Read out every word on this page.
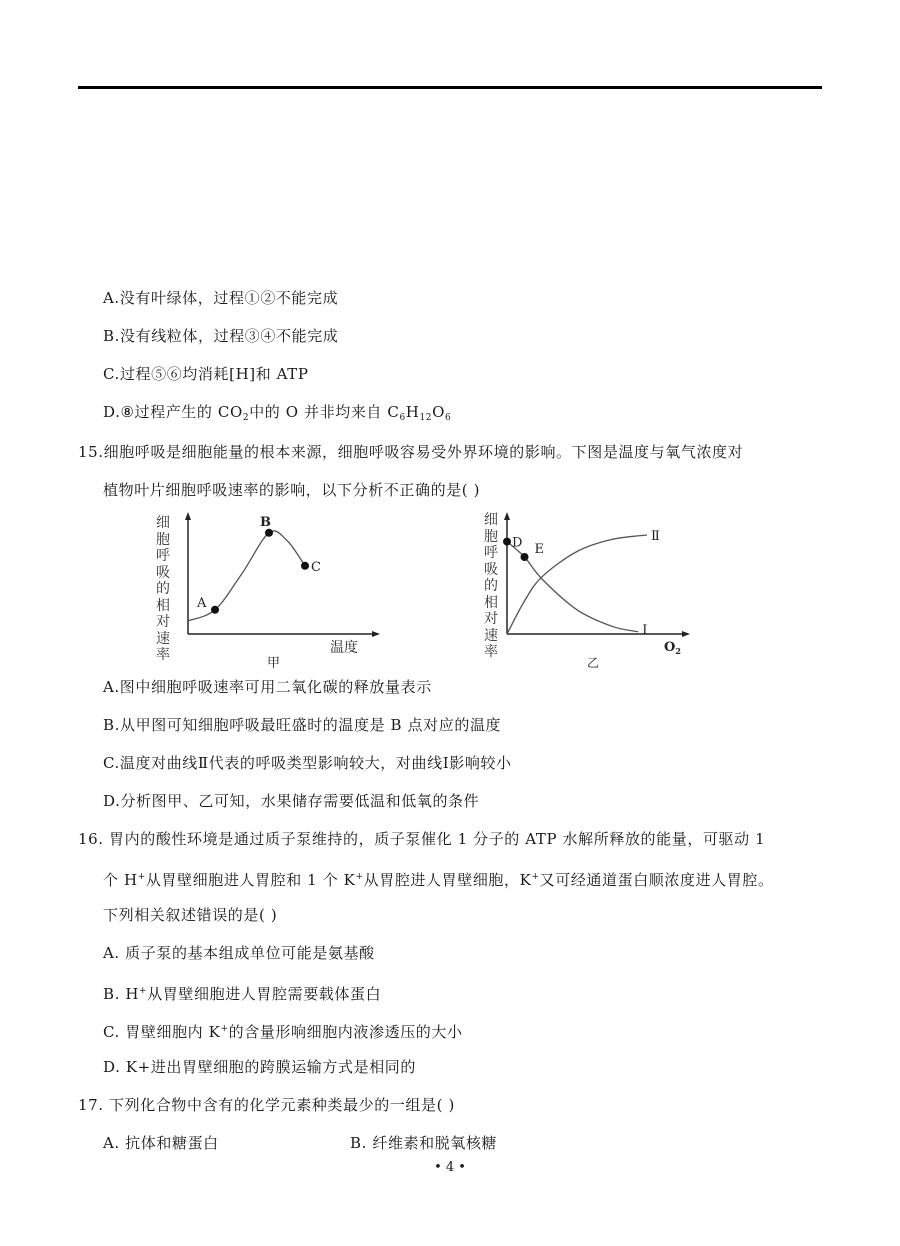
A.没有叶绿体，过程①②不能完成
B.没有线粒体，过程③④不能完成
C.过程⑤⑥均消耗[H]和 ATP
D.⑧过程产生的 $CO_2$中的 O 并非均来自 $C_6H_{12}O_6$
15.细胞呼吸是细胞能量的根本来源，细胞呼吸容易受外界环境的影响。下图是温度与氧气浓度对
植物叶片细胞呼吸速率的影响，以下分析不正确的是( )
细胞呼吸的相对速率	温度
甲
A
B
C
细胞呼吸的相对速率	$O_2$
乙
D E
Ⅰ
Ⅱ
A.图中细胞呼吸速率可用二氧化碳的释放量表示
B.从甲图可知细胞呼吸最旺盛时的温度是 B 点对应的温度
C.温度对曲线Ⅱ代表的呼吸类型影响较大，对曲线Ⅰ影响较小
D.分析图甲、乙可知，水果储存需要低温和低氧的条件
16. 胃内的酸性环境是通过质子泵维持的，质子泵催化 1 分子的 ATP 水解所释放的能量，可驱动 1
个 H+从胃壁细胞进人胃腔和 1 个 K+从胃腔进人胃壁细胞，K+又可经通道蛋白顺浓度进人胃腔。
下列相关叙述错误的是( )
A. 质子泵的基本组成单位可能是氨基酸
B. H+从胃壁细胞进人胃腔需要载体蛋白
C. 胃壁细胞内 K+的含量形响细胞内液渗透压的大小
D. K+进出胃壁细胞的跨膜运输方式是相同的
17. 下列化合物中含有的化学元素种类最少的一组是( )
A. 抗体和糖蛋白	B. 纤维素和脱氧核糖
• 4 •
